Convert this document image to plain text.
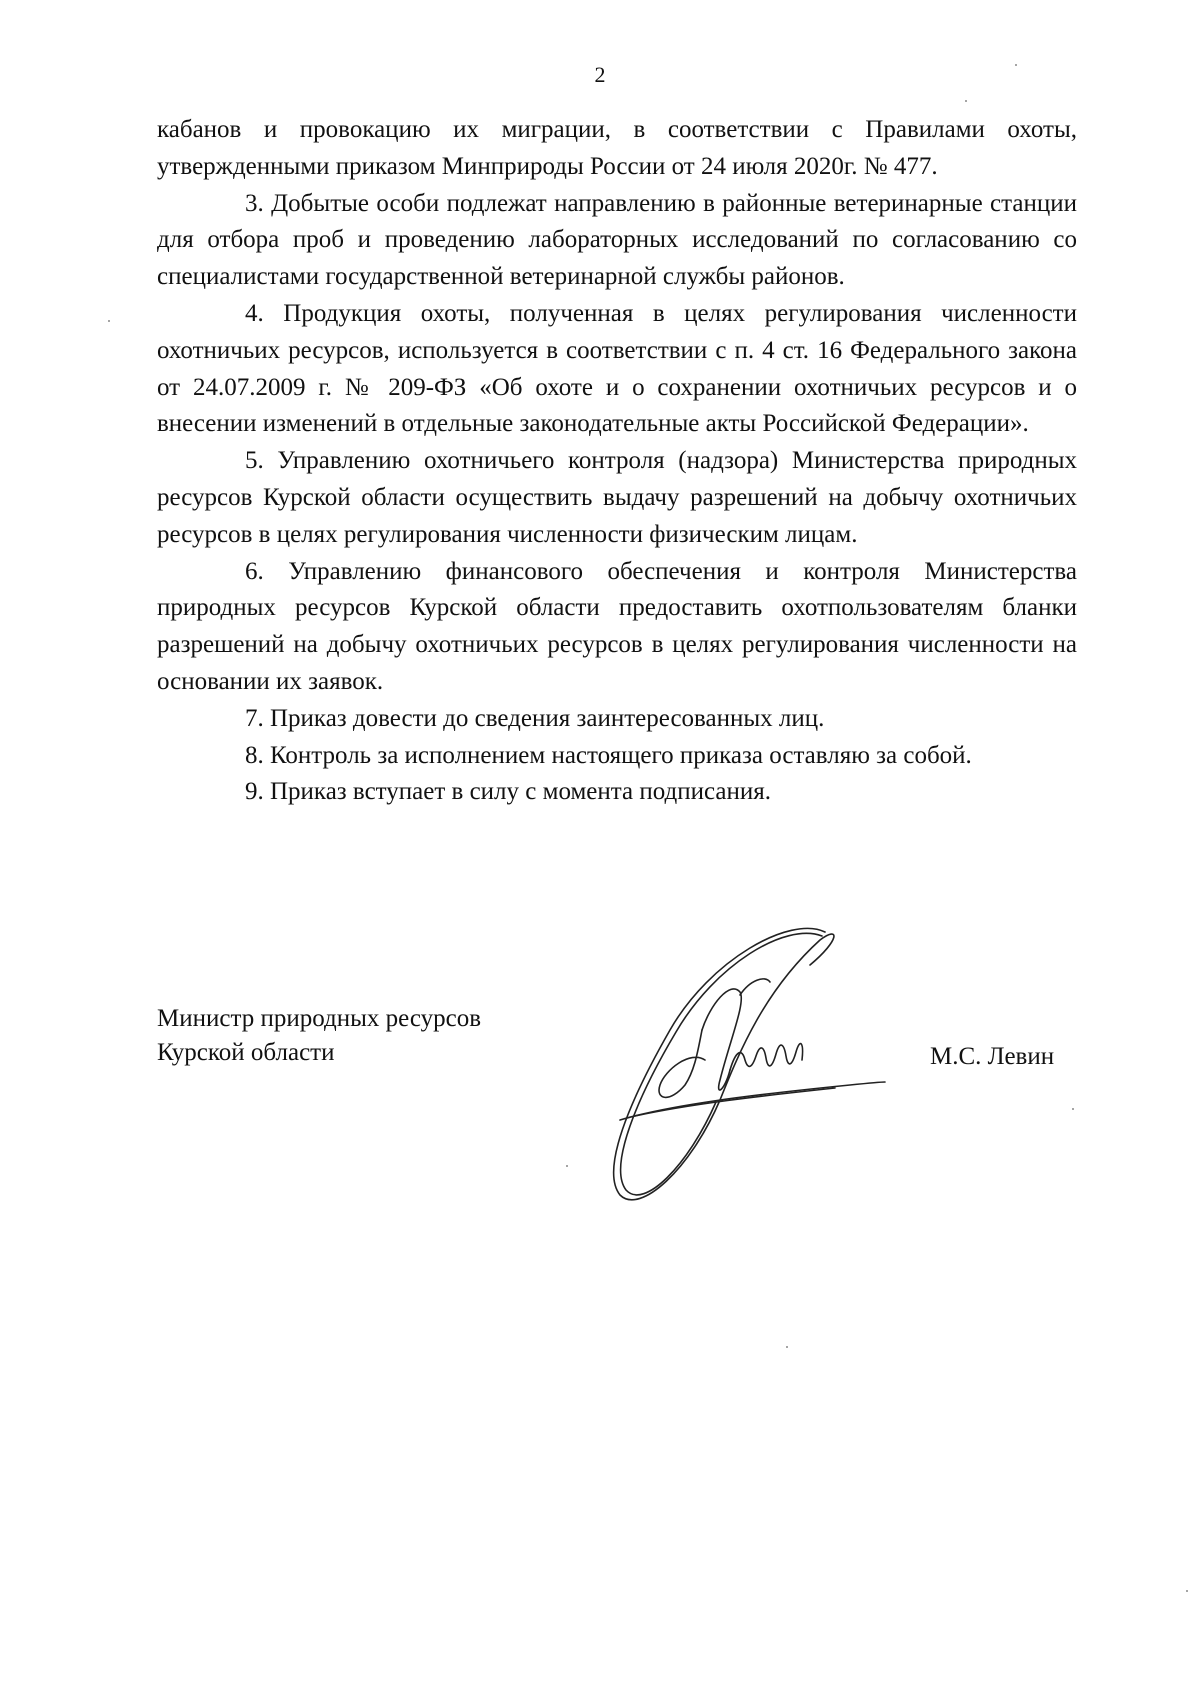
2

кабанов и провокацию их миграции, в соответствии с Правилами охоты, утвержденными приказом Минприроды России от 24 июля 2020г. № 477.

3. Добытые особи подлежат направлению в районные ветеринарные станции для отбора проб и проведению лабораторных исследований по согласованию со специалистами государственной ветеринарной службы районов.

4. Продукция охоты, полученная в целях регулирования численности охотничьих ресурсов, используется в соответствии с п. 4 ст. 16 Федерального закона от 24.07.2009 г. № 209-ФЗ «Об охоте и о сохранении охотничьих ресурсов и о внесении изменений в отдельные законодательные акты Российской Федерации».

5. Управлению охотничьего контроля (надзора) Министерства природных ресурсов Курской области осуществить выдачу разрешений на добычу охотничьих ресурсов в целях регулирования численности физическим лицам.

6. Управлению финансового обеспечения и контроля Министерства природных ресурсов Курской области предоставить охотпользователям бланки разрешений на добычу охотничьих ресурсов в целях регулирования численности на основании их заявок.

7. Приказ довести до сведения заинтересованных лиц.

8. Контроль за исполнением настоящего приказа оставляю за собой.

9. Приказ вступает в силу с момента подписания.

Министр природных ресурсов
Курской области	М.С. Левин
